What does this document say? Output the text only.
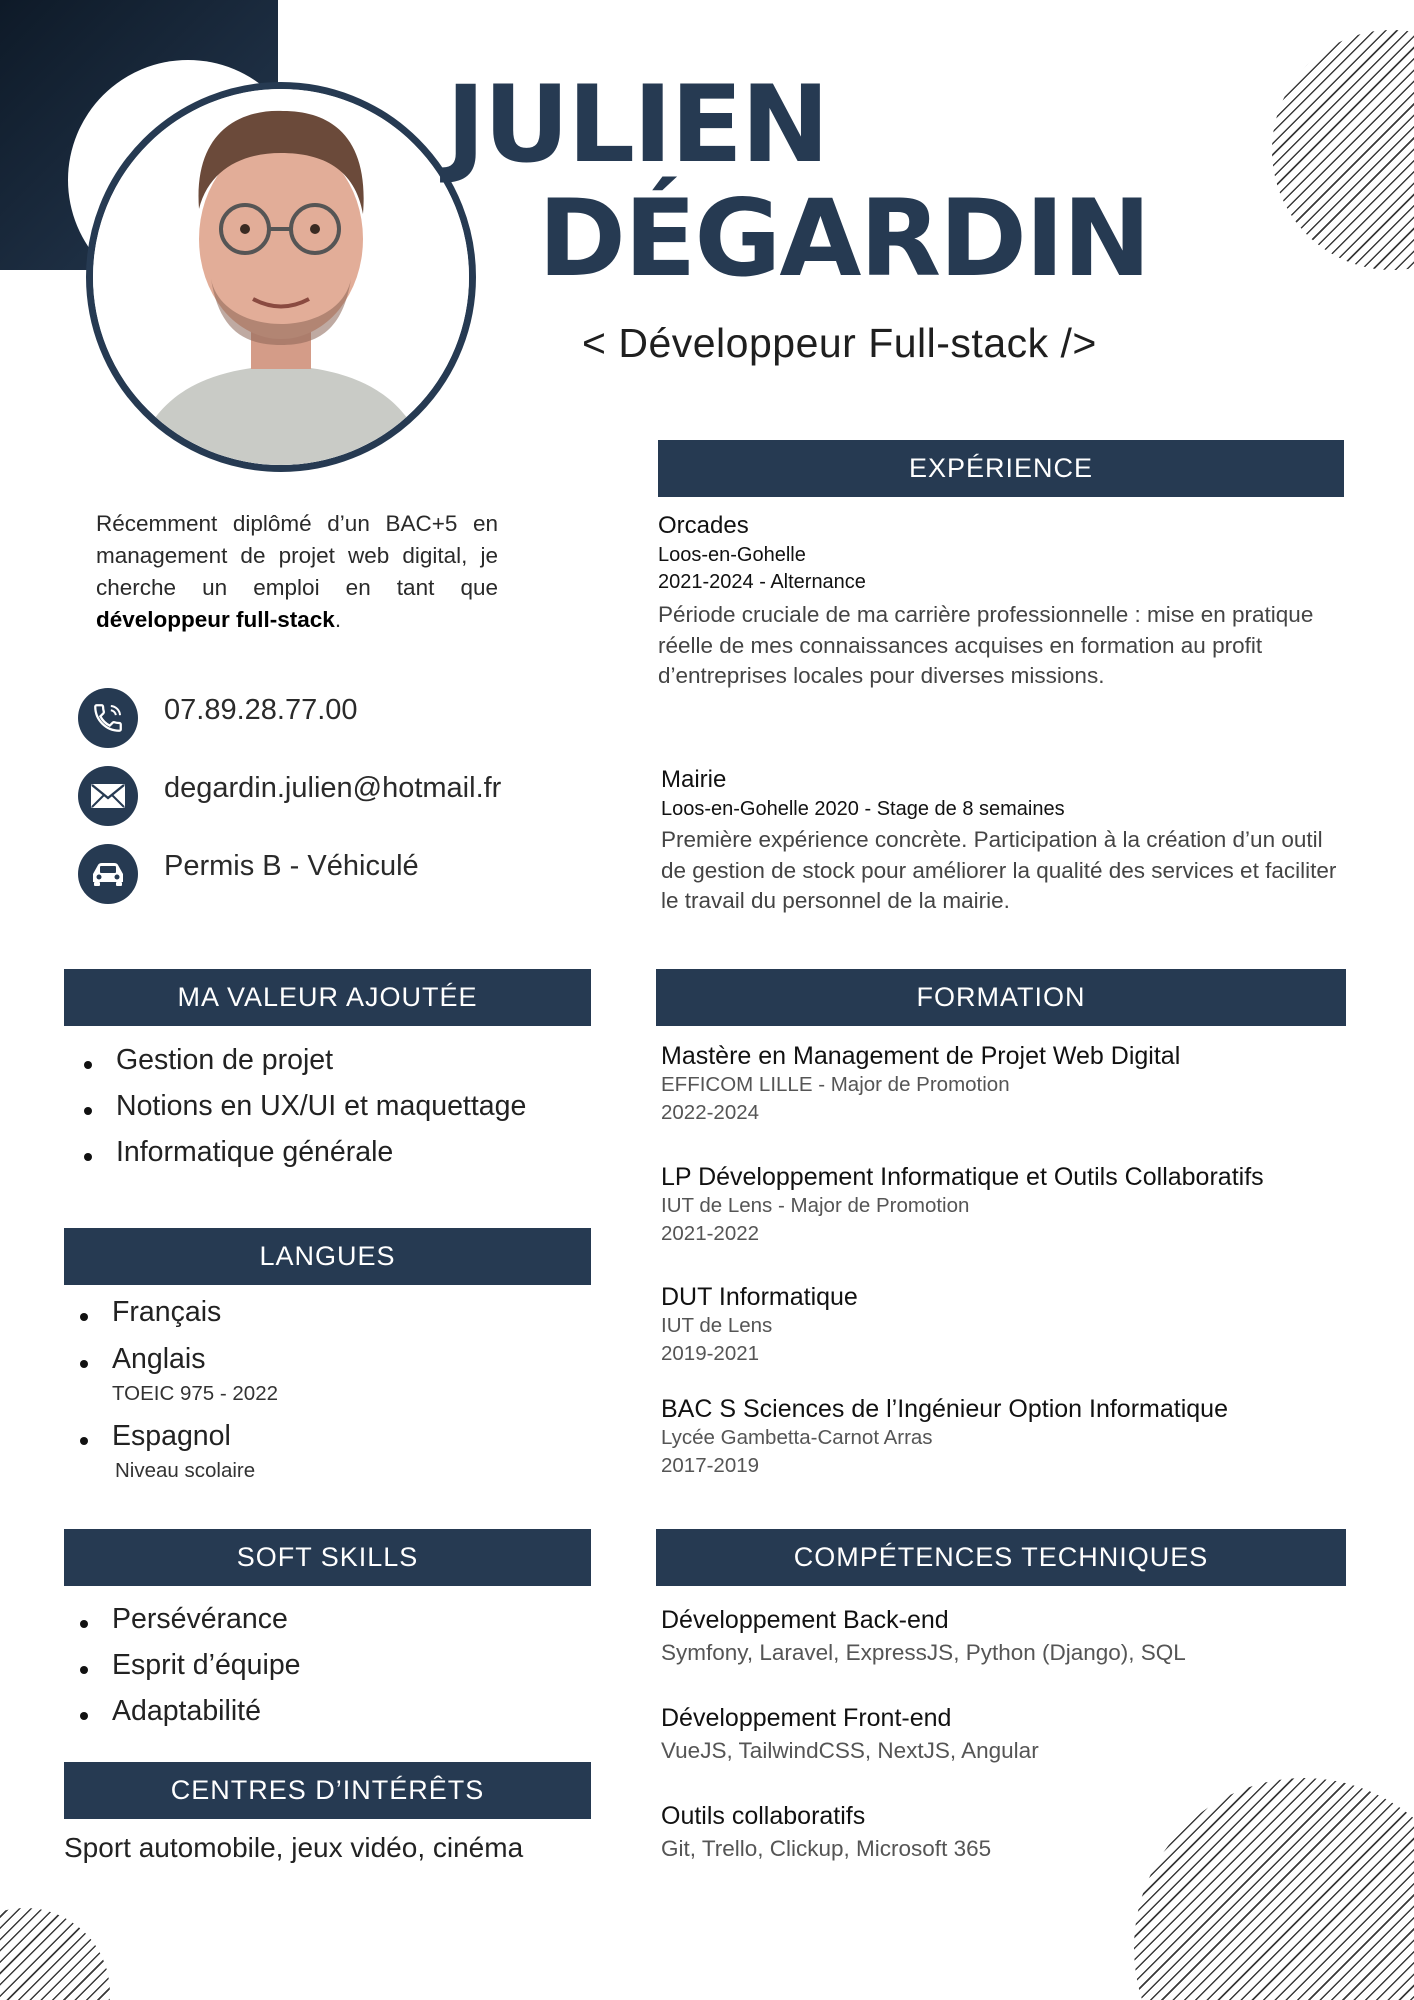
JULIEN
DÉGARDIN
< Développeur Full-stack />

Récemment diplômé d’un BAC+5 en management de projet web digital, je cherche un emploi en tant que développeur full-stack.

07.89.28.77.00
degardin.julien@hotmail.fr
Permis B - Véhiculé
EXPÉRIENCE
Orcades
Loos-en-Gohelle
2021-2024 - Alternance
Période cruciale de ma carrière professionnelle : mise en pratique réelle de mes connaissances acquises en formation au profit d’entreprises locales pour diverses missions.
Mairie
Loos-en-Gohelle 2020 - Stage de 8 semaines
Première expérience concrète. Participation à la création d’un outil de gestion de stock pour améliorer la qualité des services et faciliter le travail du personnel de la mairie.
MA VALEUR AJOUTÉE
Gestion de projet
Notions en UX/UI et maquettage
Informatique générale
FORMATION
Mastère en Management de Projet Web Digital
EFFICOM LILLE - Major de Promotion
2022-2024
LP Développement Informatique et Outils Collaboratifs
IUT de Lens - Major de Promotion
2021-2022
DUT Informatique
IUT de Lens
2019-2021
BAC S Sciences de l’Ingénieur Option Informatique
Lycée Gambetta-Carnot Arras
2017-2019
LANGUES
Français
Anglais
TOEIC 975 - 2022
Espagnol
Niveau scolaire
SOFT SKILLS
Persévérance
Esprit d’équipe
Adaptabilité
COMPÉTENCES TECHNIQUES
Développement Back-end
Symfony, Laravel, ExpressJS, Python (Django), SQL
Développement Front-end
VueJS, TailwindCSS, NextJS, Angular
Outils collaboratifs
Git, Trello, Clickup, Microsoft 365
CENTRES D’INTÉRÊTS
Sport automobile, jeux vidéo, cinéma
